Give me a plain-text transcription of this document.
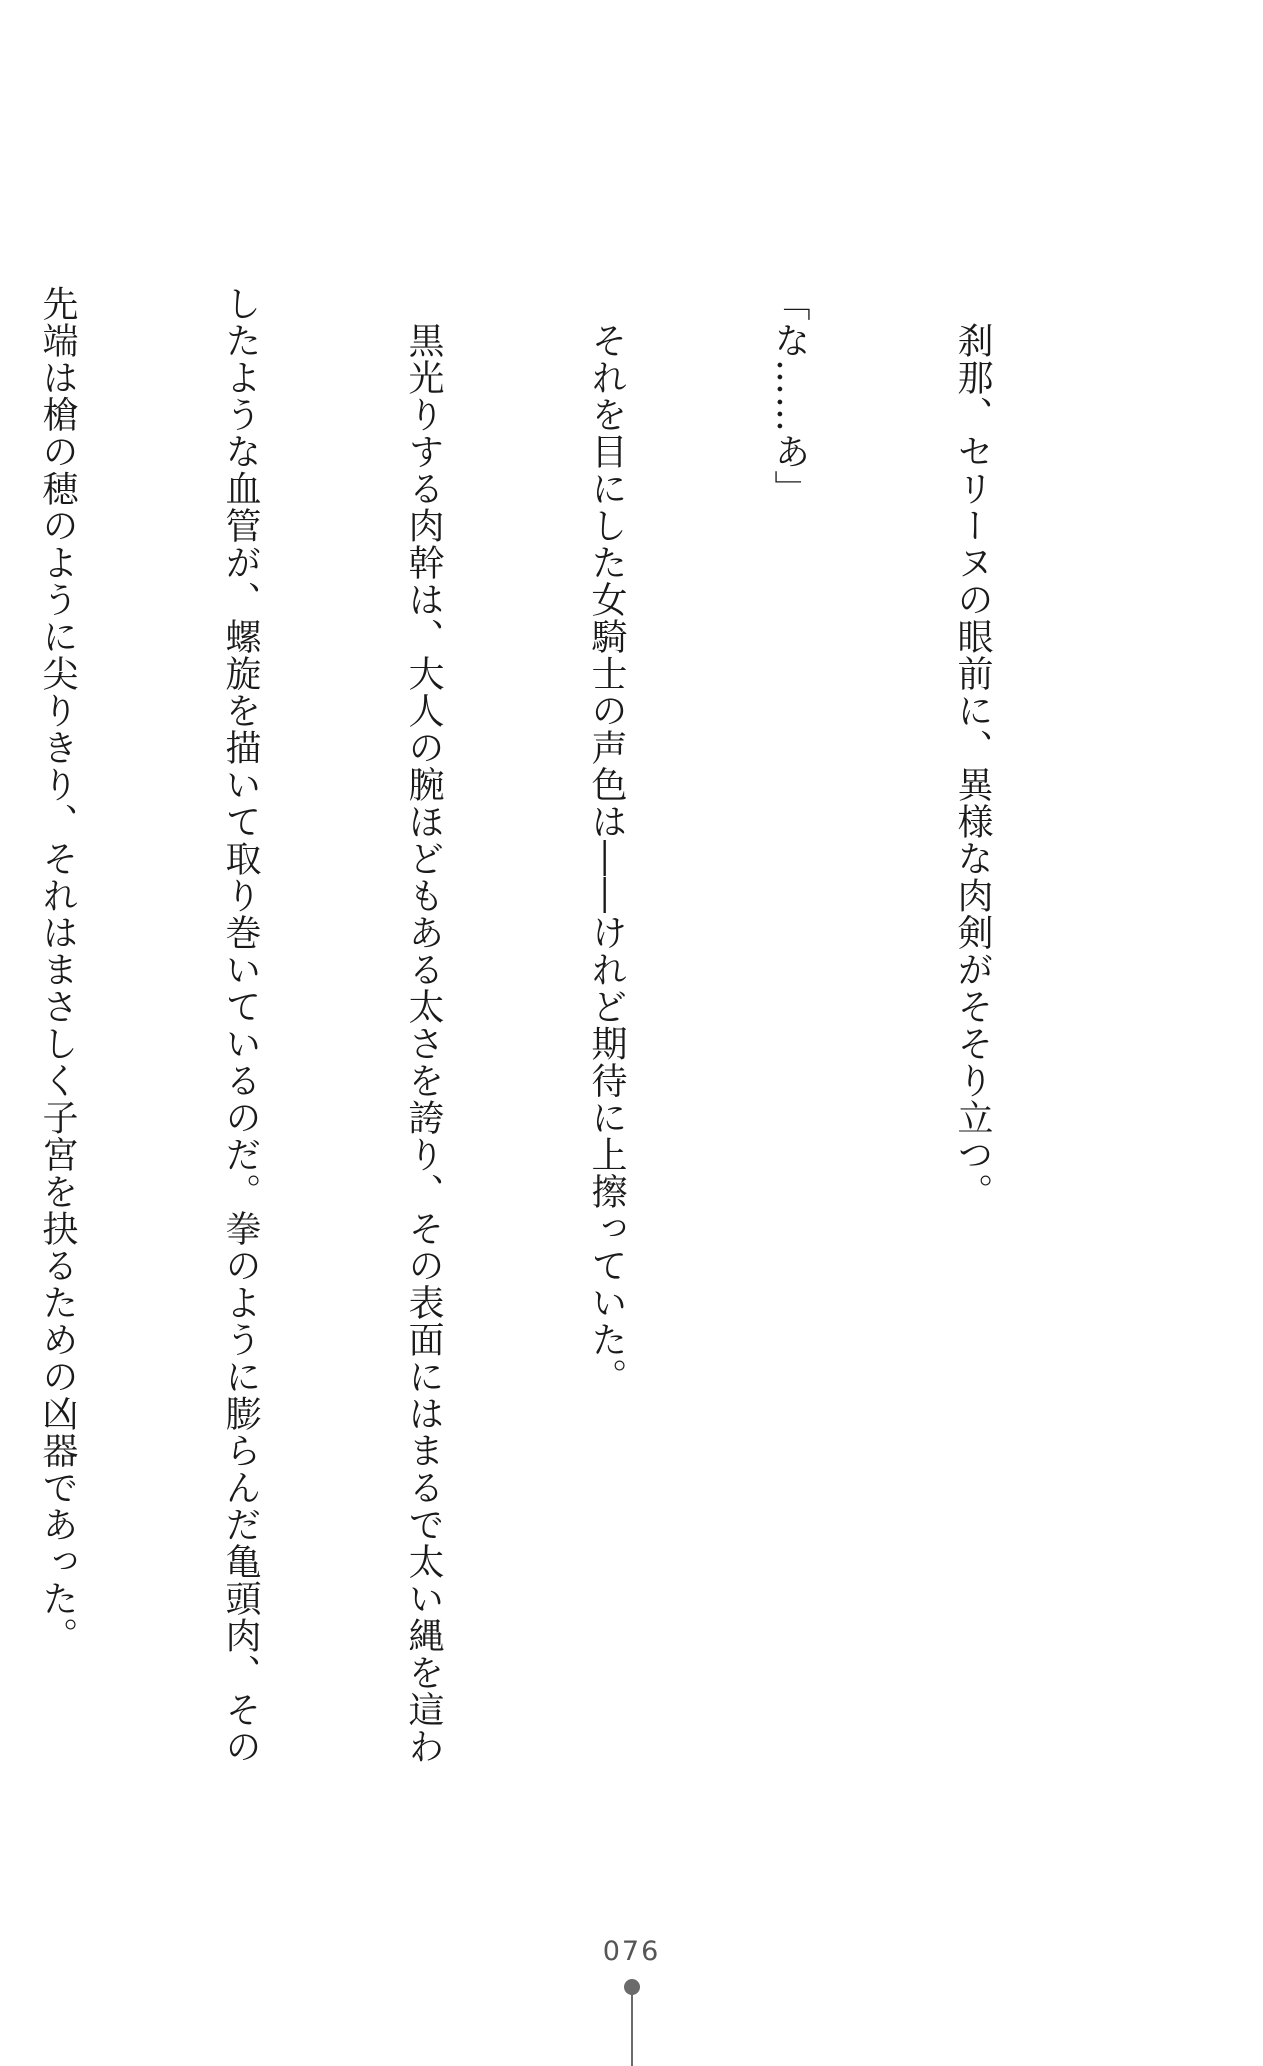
　刹那、セリーヌの眼前に、異様な肉剣がそそり立つ。

「な……あ」

　それを目にした女騎士の声色は――けれど期待に上擦っていた。

　黒光りする肉幹は、大人の腕ほどもある太さを誇り、その表面にはまるで太い縄を這わ

したような血管が、螺旋を描いて取り巻いているのだ。拳のように膨らんだ亀頭肉、その

先端は槍の穂のように尖りきり、それはまさしく子宮を抉るための凶器であった。

076
